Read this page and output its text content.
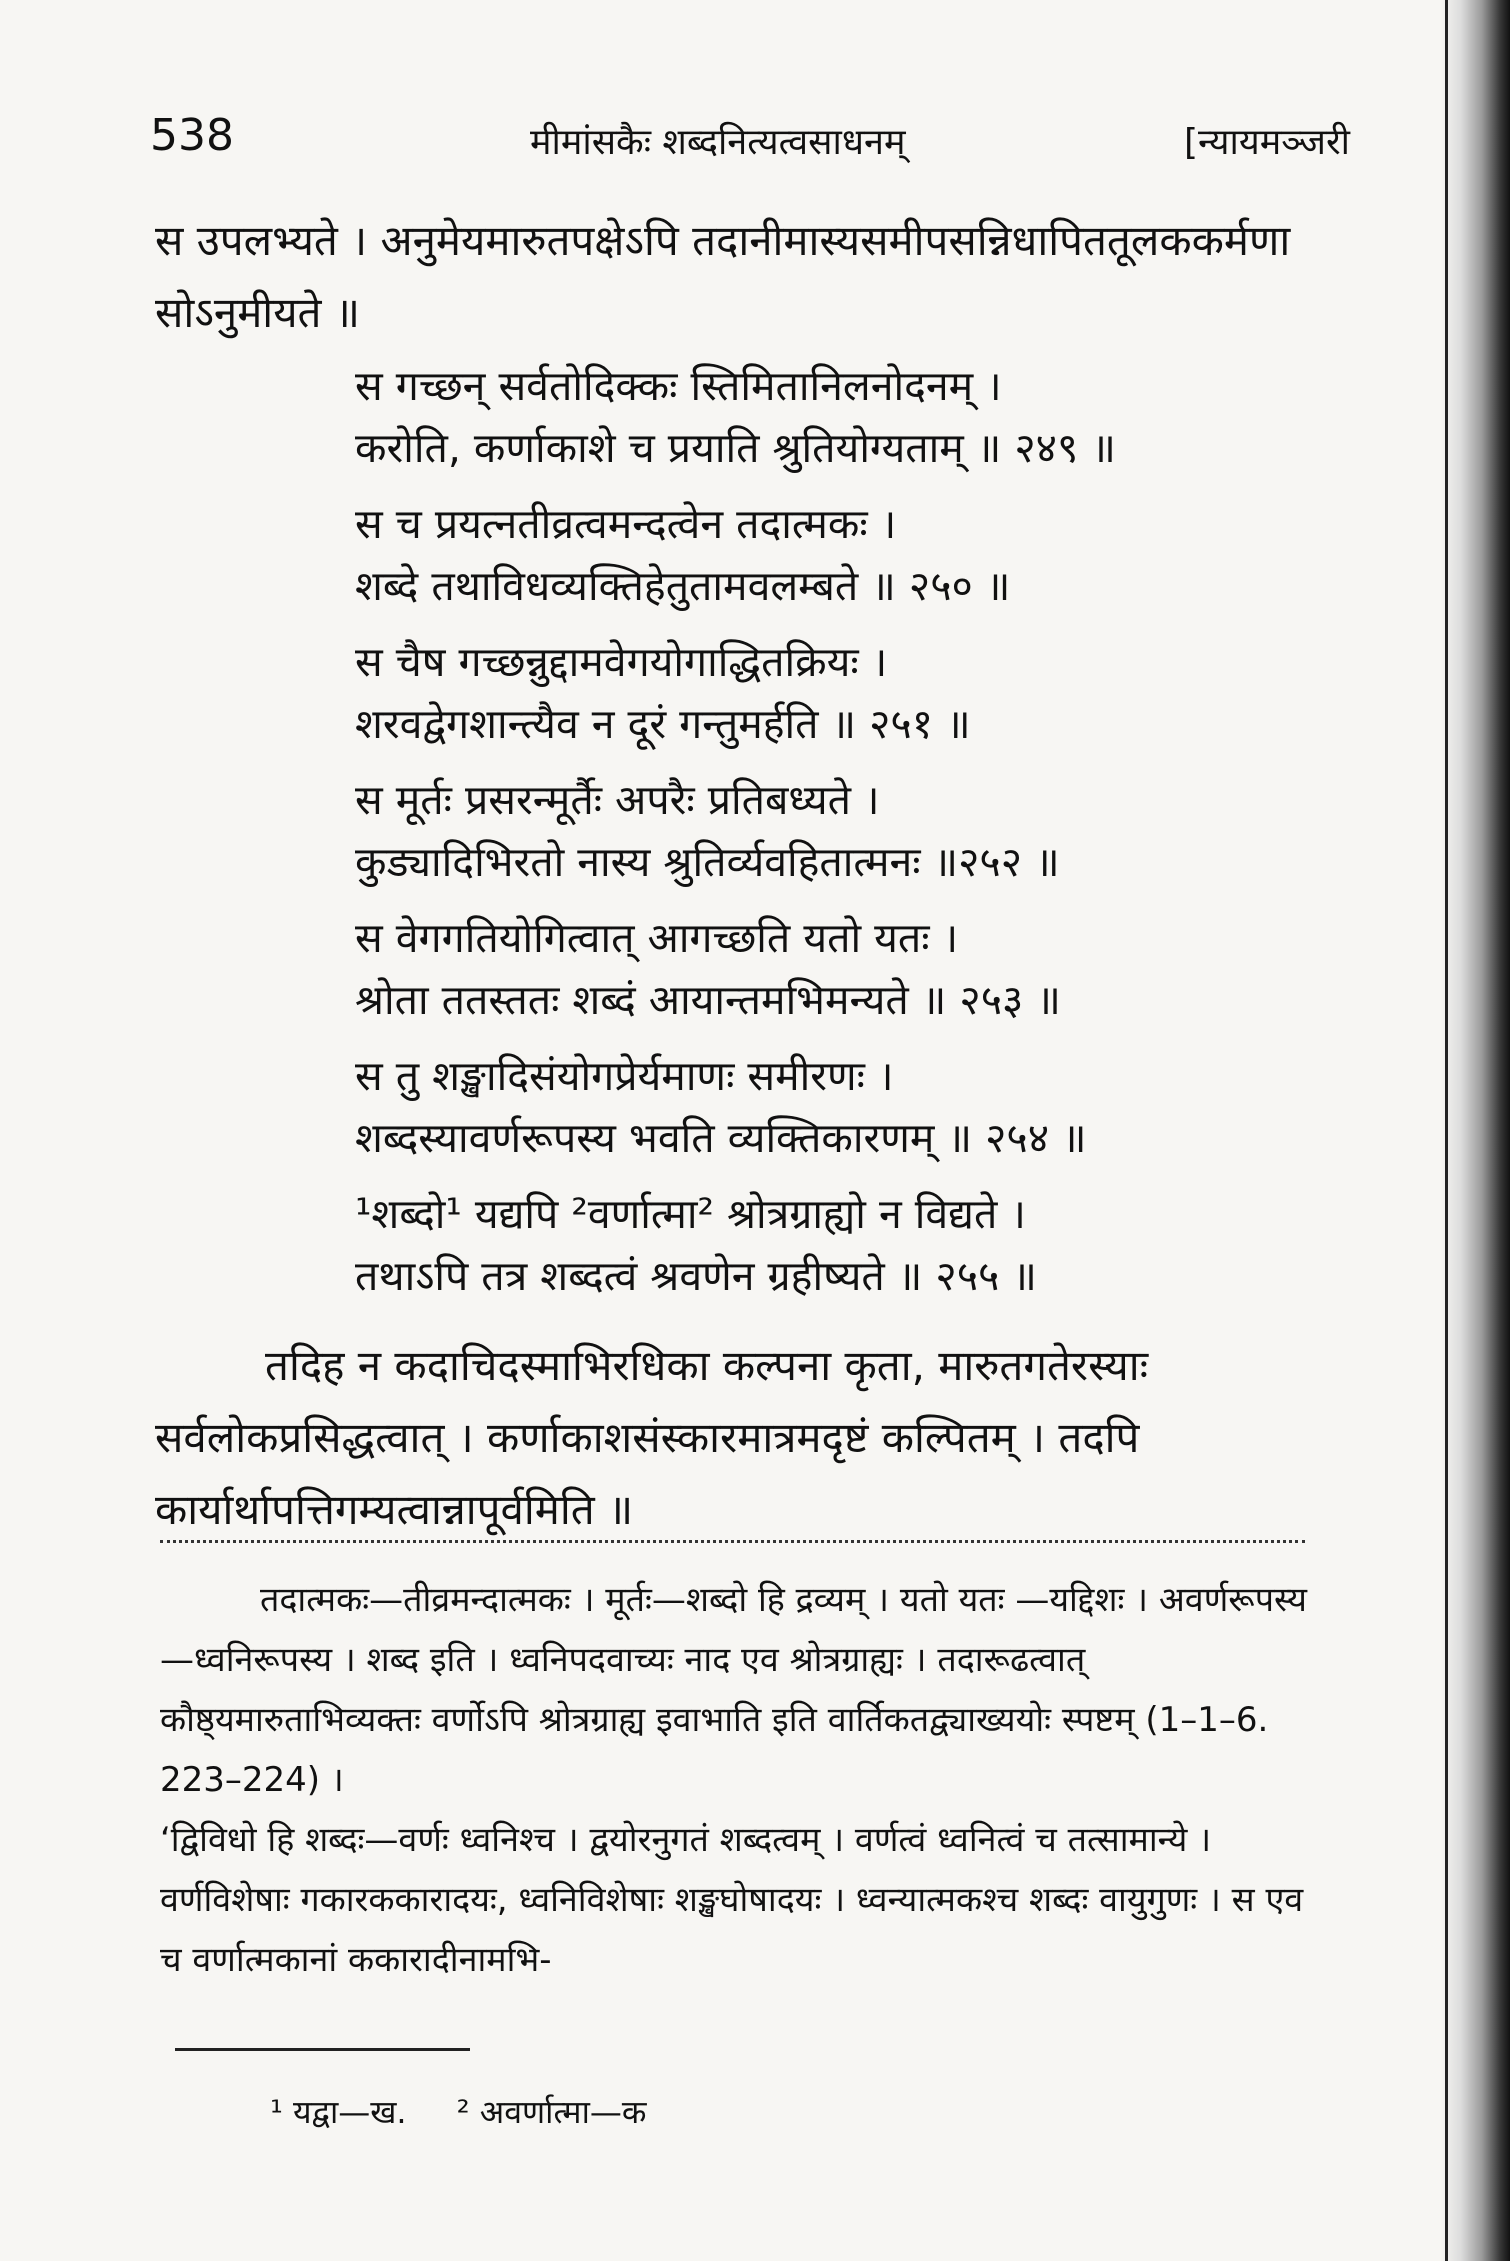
538	मीमांसकैः शब्दनित्यत्वसाधनम्	[न्यायमञ्जरी

स उपलभ्यते । अनुमेयमारुतपक्षेऽपि तदानीमास्यसमीपसन्निधापिततूलककर्मणा सोऽनुमीयते ॥

स गच्छन् सर्वतोदिक्कः स्तिमितानिलनोदनम् ।
करोति, कर्णाकाशे च प्रयाति श्रुतियोग्यताम् ॥ २४९ ॥
स च प्रयत्नतीव्रत्वमन्दत्वेन तदात्मकः ।
शब्दे तथाविधव्यक्तिहेतुतामवलम्बते ॥ २५० ॥
स चैष गच्छन्नुद्दामवेगयोगाद्धितक्रियः ।
शरवद्वेगशान्त्यैव न दूरं गन्तुमर्हति ॥ २५१ ॥
स मूर्तः प्रसरन्मूर्तैः अपरैः प्रतिबध्यते ।
कुड्यादिभिरतो नास्य श्रुतिर्व्यवहितात्मनः ॥२५२ ॥
स वेगगतियोगित्वात् आगच्छति यतो यतः ।
श्रोता ततस्ततः शब्दं आयान्तमभिमन्यते ॥ २५३ ॥
स तु शङ्खादिसंयोगप्रेर्यमाणः समीरणः ।
शब्दस्यावर्णरूपस्य भवति व्यक्तिकारणम् ॥ २५४ ॥
¹शब्दो¹ यद्यपि ²वर्णात्मा² श्रोत्रग्राह्यो न विद्यते ।
तथाऽपि तत्र शब्दत्वं श्रवणेन ग्रहीष्यते ॥ २५५ ॥

तदिह न कदाचिदस्माभिरधिका कल्पना कृता, मारुतगतेरस्याः सर्वलोकप्रसिद्धत्वात् । कर्णाकाशसंस्कारमात्रमदृष्टं कल्पितम् । तदपि कार्यार्थापत्तिगम्यत्वान्नापूर्वमिति ॥

तदात्मकः—तीव्रमन्दात्मकः । मूर्तः—शब्दो हि द्रव्यम् । यतो यतः —यद्दिशः । अवर्णरूपस्य—ध्वनिरूपस्य । शब्द इति । ध्वनिपदवाच्यः नाद एव श्रोत्रग्राह्यः । तदारूढत्वात् कौष्ठ्यमारुताभिव्यक्तः वर्णोऽपि श्रोत्रग्राह्य इवाभाति इति वार्तिकतद्व्याख्ययोः स्पष्टम् (1–1–6. 223–224) ।

‘द्विविधो हि शब्दः—वर्णः ध्वनिश्च । द्वयोरनुगतं शब्दत्वम् । वर्णत्वं ध्वनित्वं च तत्सामान्ये । वर्णविशेषाः गकारककारादयः, ध्वनिविशेषाः शङ्खघोषादयः । ध्वन्यात्मकश्च शब्दः वायुगुणः । स एव च वर्णात्मकानां ककारादीनामभि-

¹ यद्वा—ख. ² अवर्णात्मा—क
